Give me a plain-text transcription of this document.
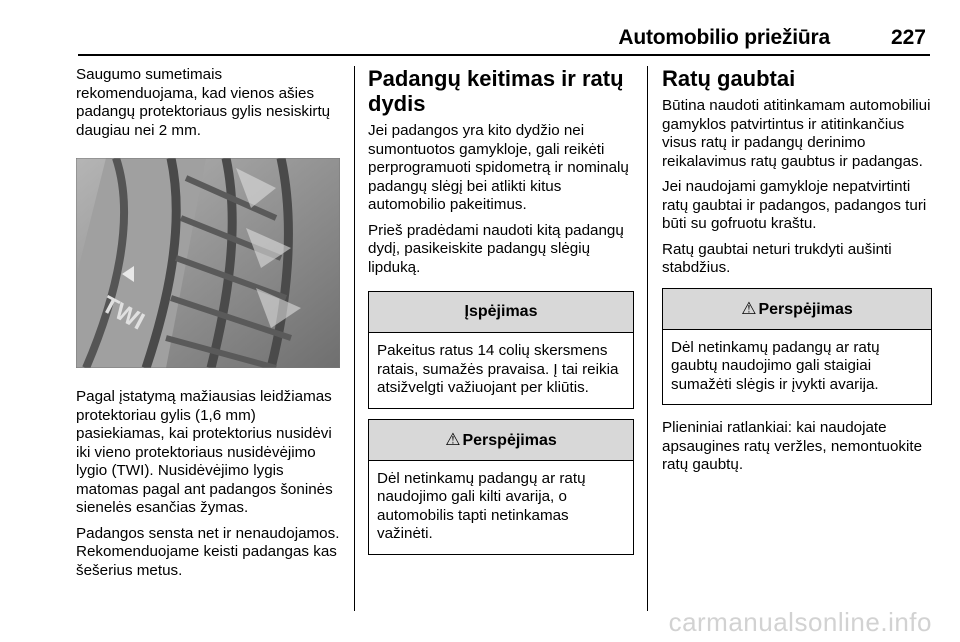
Automobilio priežiūra	227

Saugumo sumetimais rekomenduojama, kad vienos ašies padangų protektoriaus gylis nesiskirtų daugiau nei 2 mm.

TWI

Pagal įstatymą mažiausias leidžiamas protektoriau gylis (1,6 mm) pasiekiamas, kai protektorius nusidėvi iki vieno protektoriaus nusidėvėjimo lygio (TWI). Nusidėvėjimo lygis matomas pagal ant padangos šoninės sienelės esančias žymas.

Padangos sensta net ir nenaudojamos. Rekomenduojame keisti padangas kas šešerius metus.

Padangų keitimas ir ratų dydis

Jei padangos yra kito dydžio nei sumontuotos gamykloje, gali reikėti perprogramuoti spidometrą ir nominalų padangų slėgį bei atlikti kitus automobilio pakeitimus.

Prieš pradėdami naudoti kitą padangų dydį, pasikeiskite padangų slėgių lipduką.

Įspėjimas

Pakeitus ratus 14 colių skersmens ratais, sumažės pravaisa. Į tai reikia atsižvelgti važiuojant per kliūtis.

⚠ Perspėjimas

Dėl netinkamų padangų ar ratų naudojimo gali kilti avarija, o automobilis tapti netinkamas važinėti.

Ratų gaubtai

Būtina naudoti atitinkamam automobiliui gamyklos patvirtintus ir atitinkančius visus ratų ir padangų derinimo reikalavimus ratų gaubtus ir padangas.

Jei naudojami gamykloje nepatvirtinti ratų gaubtai ir padangos, padangos turi būti su gofruotu kraštu.

Ratų gaubtai neturi trukdyti aušinti stabdžius.

⚠ Perspėjimas

Dėl netinkamų padangų ar ratų gaubtų naudojimo gali staigiai sumažėti slėgis ir įvykti avarija.

Plieniniai ratlankiai: kai naudojate apsaugines ratų veržles, nemontuokite ratų gaubtų.

carmanualsonline.info
